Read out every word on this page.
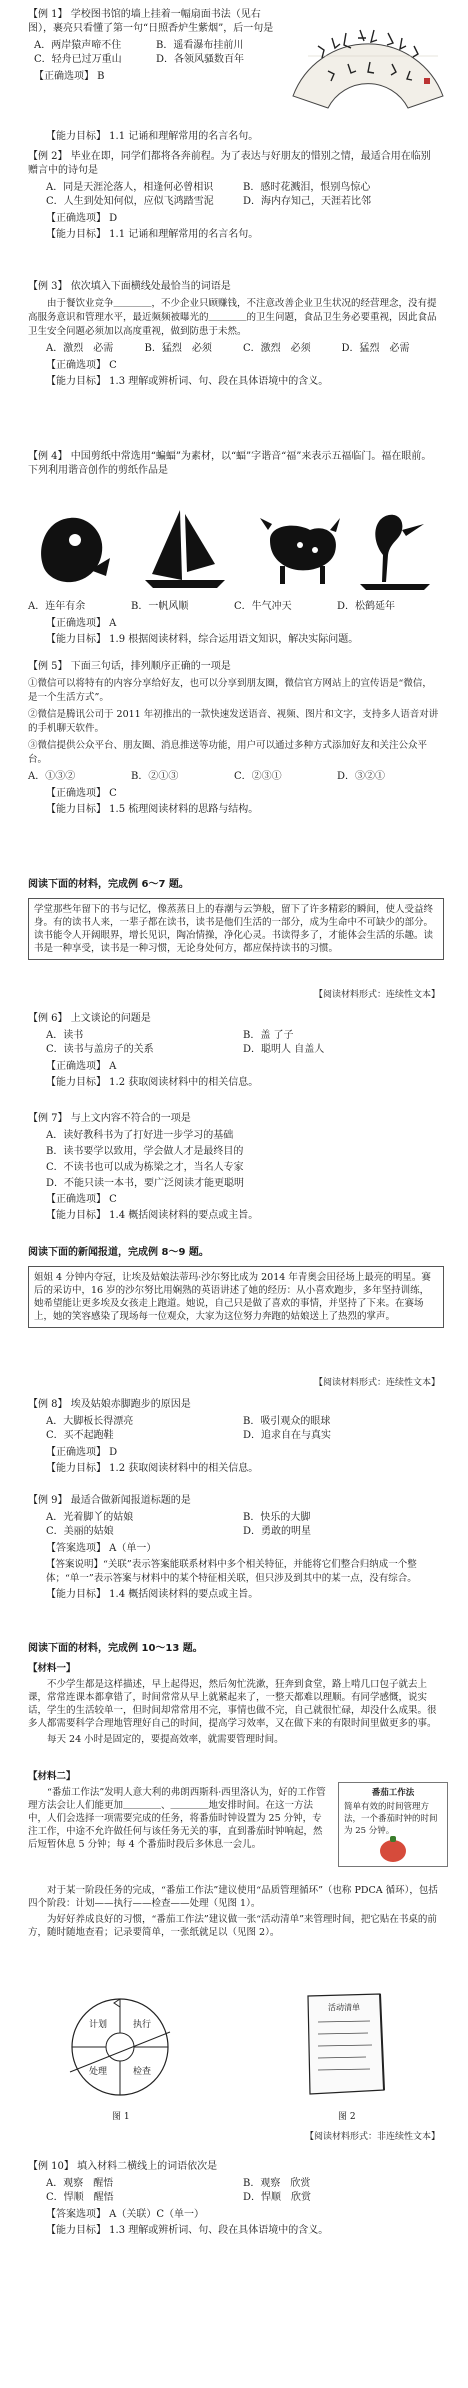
【例 1】 学校图书馆的墙上挂着一幅扇面书法（见右图），裹亮只看懂了第一句“日照香炉生紫烟”，后一句是

A．两岸猿声啼不住	B．遥看瀑布挂前川
C．轻舟已过万重山	D．各领风骚数百年

【正确选项】 B

【能力目标】 1.1 记诵和理解常用的名言名句。

【例 2】 毕业在即，同学们都将各奔前程。为了表达与好朋友的惜别之情，最适合用在临别赠言中的诗句是

A．同是天涯沦落人，相逢何必曾相识	B．感时花溅泪，恨别鸟惊心
C．人生到处知何似，应似飞鸿踏雪泥	D．海内存知己，天涯若比邻

【正确选项】 D

【能力目标】 1.1 记诵和理解常用的名言名句。

【例 3】 依次填入下面横线处最恰当的词语是

由于餐饮业竞争＿＿＿＿，不少企业只顾赚钱，不注意改善企业卫生状况的经营理念，没有提高服务意识和管理水平，最近频频被曝光的＿＿＿＿的卫生问题，食品卫生务必要重视，因此食品卫生安全问题必须加以高度重视，做到防患于未然。

A．激烈　必需	B．猛烈　必须	C．激烈　必须	D．猛烈　必需

【正确选项】 C

【能力目标】 1.3 理解或辨析词、句、段在具体语境中的含义。

【例 4】 中国剪纸中常选用“蝙蝠”为素材，以“蝠”字谐音“福”来表示五福临门。福在眼前。下列利用谐音创作的剪纸作品是

A．连年有余	B．一帆风顺	C．牛气冲天	D．松鹤延年

【正确选项】 A

【能力目标】 1.9 根据阅读材料，综合运用语文知识，解决实际问题。

【例 5】 下面三句话，排列顺序正确的一项是

①微信可以将特有的内容分享给好友，也可以分享到朋友圈，微信官方网站上的宣传语是“微信，是一个生活方式”。

②微信是腾讯公司于 2011 年初推出的一款快速发送语音、视频、图片和文字，支持多人语音对讲的手机聊天软件。

③微信提供公众平台、朋友圈、消息推送等功能，用户可以通过多种方式添加好友和关注公众平台。

A．①③②	B．②①③	C．②③①	D．③②①

【正确选项】 C

【能力目标】 1.5 梳理阅读材料的思路与结构。

阅读下面的材料，完成例 6～7 题。
学堂那些年留下的书与记忆，像蒸蒸日上的春潮与云笋般，留下了许多精彩的瞬间，使人受益终身。有的读书人来，一辈子都在读书，读书是他们生活的一部分，成为生命中不可缺少的部分。读书能令人开阔眼界，增长见识，陶冶情操，净化心灵。书读得多了，才能体会生活的乐趣。读书是一种享受，读书是一种习惯，无论身处何方，都应保持读书的习惯。
【阅读材料形式：连续性文本】

【例 6】 上文谈论的问题是

A．读书	B．盖 了子
C．读书与盖房子的关系	D．聪明人 自盖人

【正确选项】 A

【能力目标】 1.2 获取阅读材料中的相关信息。

【例 7】 与上文内容不符合的一项是

A．读好教科书为了打好进一步学习的基础

B．读书要学以致用，学会做人才是最终目的

C．不读书也可以成为栋梁之才，当名人专家

D．不能只读一本书，要广泛阅读才能更聪明

【正确选项】 C

【能力目标】 1.4 概括阅读材料的要点或主旨。

阅读下面的新闻报道，完成例 8～9 题。
姐姐 4 分钟内夺冠，让埃及姑娘法蒂玛·沙尔努比成为 2014 年青奥会田径场上最亮的明星。赛后的采访中，16 岁的沙尔努比用娴熟的英语讲述了她的经历：从小喜欢跑步，多年坚持训练，她希望能让更多埃及女孩走上跑道。她说，自己只是做了喜欢的事情，并坚持了下来。在赛场上，她的笑容感染了现场每一位观众，大家为这位努力奔跑的姑娘送上了热烈的掌声。
【阅读材料形式：连续性文本】

【例 8】 埃及姑娘赤脚跑步的原因是

A．大脚板长得漂亮	B．吸引观众的眼球
C．买不起跑鞋	D．追求自在与真实

【正确选项】 D

【能力目标】 1.2 获取阅读材料中的相关信息。

【例 9】 最适合做新闻报道标题的是

A．光着脚丫的姑娘	B．快乐的大脚
C．美丽的姑娘	D．勇敢的明星

【答案选项】 A（单一）

【答案说明】“关联”表示答案能联系材料中多个相关特征，并能将它们整合归纳成一个整体；“单一”表示答案与材料中的某个特征相关联，但只涉及到其中的某一点，没有综合。

【能力目标】 1.4 概括阅读材料的要点或主旨。

阅读下面的材料，完成例 10～13 题。

【材料一】

不少学生都是这样描述，早上起得迟，然后匆忙洗漱，狂奔到食堂，路上啃几口包子就去上课，常常连课本都拿错了，时间常常从早上就紧起来了，一整天都难以理顺。有同学感慨，说实话，学生的生活较单一，但时间却常常用不完，事情也做不完，自己就很忙碌，却没什么成果。很多人都需要科学合理地管理好自己的时间，提高学习效率，又在做下来的有限时间里做更多的事。

每天 24 小时是固定的，要提高效率，就需要管理时间。

【材料二】

“番茄工作法”发明人意大利的弗朗西斯科·西里洛认为，好的工作管理方法会让人们能更加＿＿＿＿、＿＿＿＿地安排时间。在这一方法中，人们会选择一项需要完成的任务，将番茄时钟设置为 25 分钟，专注工作，中途不允许做任何与该任务无关的事，直到番茄时钟响起，然后短暂休息 5 分钟；每 4 个番茄时段后多休息一会儿。

番茄工作法
简单有效的时间管理方法，一个番茄时钟的时间为 25 分钟。

对于某一阶段任务的完成，“番茄工作法”建议使用“品质管理循环”（也称 PDCA 循环），包括四个阶段：计划——执行——检查——处理（见图 1）。

为好好养成良好的习惯，“番茄工作法”建议做一张“活动清单”来管理时间，把它贴在书桌的前方，随时随地查看；记录要简单，一张纸就足以（见图 2）。

计划	执行
检查
处理
图 1
活动清单
图 2
【阅读材料形式：非连续性文本】

【例 10】 填入材料二横线上的词语依次是

A．观察　醒悟	B．观察　欣赏
C．悍顺　醒悟	D．悍顺　欣赏

【答案选项】 A（关联）C（单一）

【能力目标】 1.3 理解或辨析词、句、段在具体语境中的含义。
